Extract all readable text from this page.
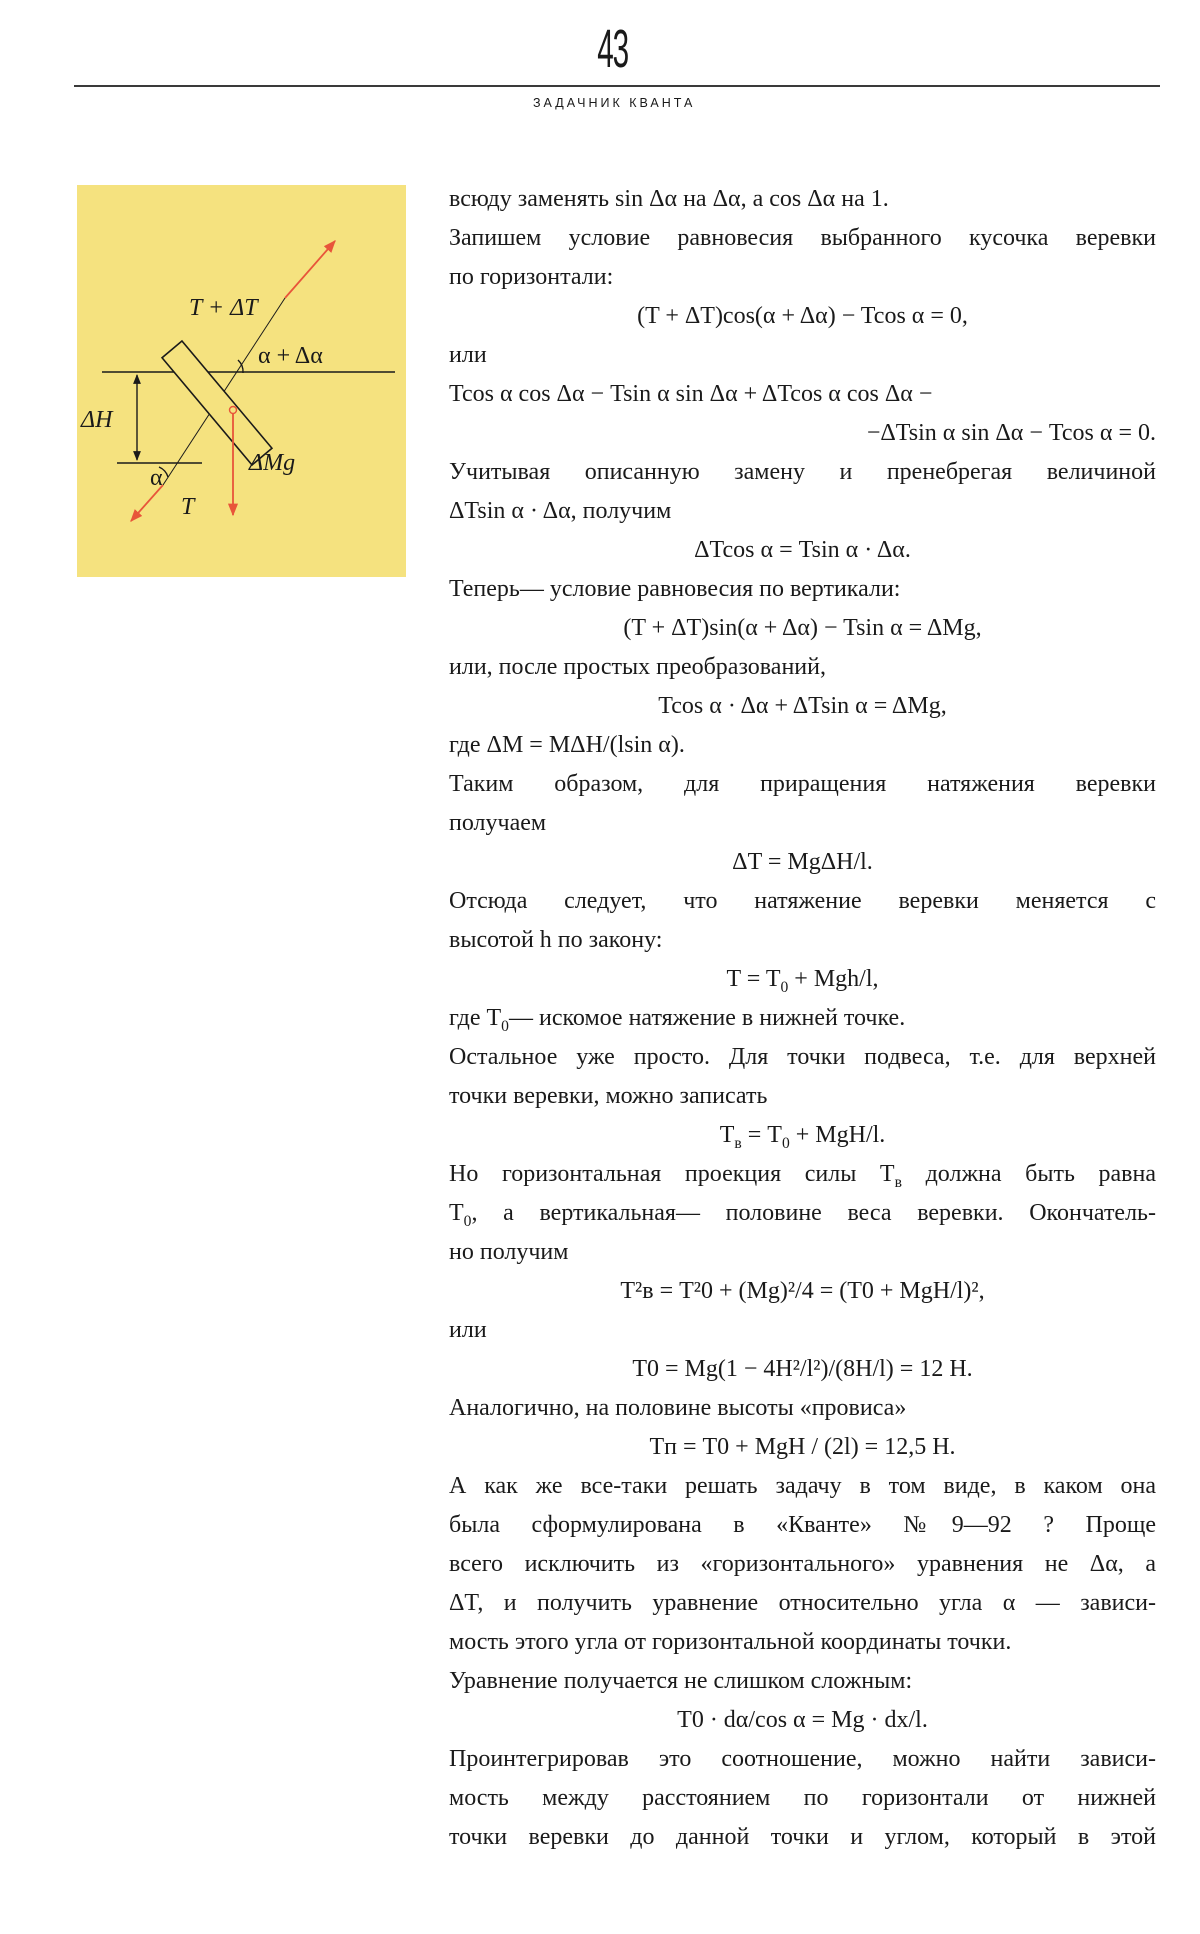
43
ЗАДАЧНИК КВАНТА
T + ΔT
α + Δα
ΔH
α
T
ΔMg

всюду заменять sin Δα на Δα, a cos Δα на 1.

Запишем условие равновесия выбранного кусочка веревки

по горизонтали:

(T + ΔT)cos(α + Δα) − Tcos α = 0,

или

Tcos α cos Δα − Tsin α sin Δα + ΔTcos α cos Δα −

−ΔTsin α sin Δα − Tcos α = 0.

Учитывая описанную замену и пренебрегая величиной

ΔTsin α · Δα, получим

ΔTcos α = Tsin α · Δα.

Теперь— условие равновесия по вертикали:

(T + ΔT)sin(α + Δα) − Tsin α = ΔMg,

или, после простых преобразований,

Tcos α · Δα + ΔTsin α = ΔMg,

где ΔM = MΔH/(lsin α).

Таким образом, для приращения натяжения веревки

получаем

ΔT = MgΔH/l.

Отсюда следует, что натяжение веревки меняется с

высотой h по закону:

$T = T_0 + Mgh/l$,

где $T_0—$ искомое натяжение в нижней точке.

Остальное уже просто. Для точки подвеса, т.е. для верхней

точки веревки, можно записать

$T_в = T_0 + MgH/l$.

Но горизонтальная проекция силы $T_в$ должна быть равна

$T_0$, а вертикальная— половине веса веревки. Окончатель-

но получим

T²в = T²0 + (Mg)²/4 = (T0 + MgH/l)²,

или

T0 = Mg(1 − 4H²/l²)/(8H/l) = 12 Н.

Аналогично, на половине высоты «провиса»

Tп = T0 + MgH / (2l) = 12,5 Н.

А как же все-таки решать задачу в том виде, в каком она

была сформулирована в «Кванте» №9—92 ? Проще

всего исключить из «горизонтального» уравнения не Δα, а

ΔT, и получить уравнение относительно угла α — зависи-

мость этого угла от горизонтальной координаты точки.

Уравнение получается не слишком сложным:

T0 · dα/cos α = Mg · dx/l.

Проинтегрировав это соотношение, можно найти зависи-

мость между расстоянием по горизонтали от нижней

точки веревки до данной точки и углом, который в этой
